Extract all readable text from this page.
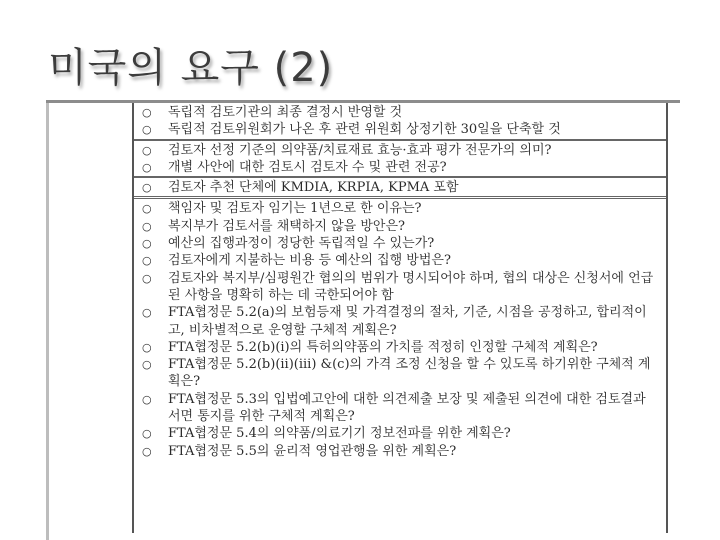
미국의 요구 (2)
○	독립적 검토기관의 최종 결정시 반영할 것
○	독립적 검토위원회가 나온 후 관련 위원회 상정기한 30일을 단축할 것
○	검토자 선정 기준의 의약품/치료재료 효능·효과 평가 전문가의 의미?
○	개별 사안에 대한 검토시 검토자 수 및 관련 전공?
○	검토자 추천 단체에 KMDIA, KRPIA, KPMA 포함
○	책임자 및 검토자 임기는 1년으로 한 이유는?
○	복지부가 검토서를 채택하지 않을 방안은?
○	예산의 집행과정이 정당한 독립적일 수 있는가?
○	검토자에게 지불하는 비용 등 예산의 집행 방법은?
○	검토자와 복지부/심평원간 협의의 범위가 명시되어야 하며, 협의 대상은 신청서에 언급된 사항을 명확히 하는 데 국한되어야 함
○	FTA협정문 5.2(a)의 보험등재 및 가격결정의 절차, 기준, 시점을 공정하고, 합리적이고, 비차별적으로 운영할 구체적 계획은?
○	FTA협정문 5.2(b)(i)의 특허의약품의 가치를 적정히 인정할 구체적 계획은?
○	FTA협정문 5.2(b)(ii)(iii) &(c)의 가격 조정 신청을 할 수 있도록 하기위한 구체적 계획은?
○	FTA협정문 5.3의 입법예고안에 대한 의견제출 보장 및 제출된 의견에 대한 검토결과 서면 통지를 위한 구체적 계획은?
○	FTA협정문 5.4의 의약품/의료기기 정보전파를 위한 계획은?
○	FTA협정문 5.5의 윤리적 영업관행을 위한 계획은?
